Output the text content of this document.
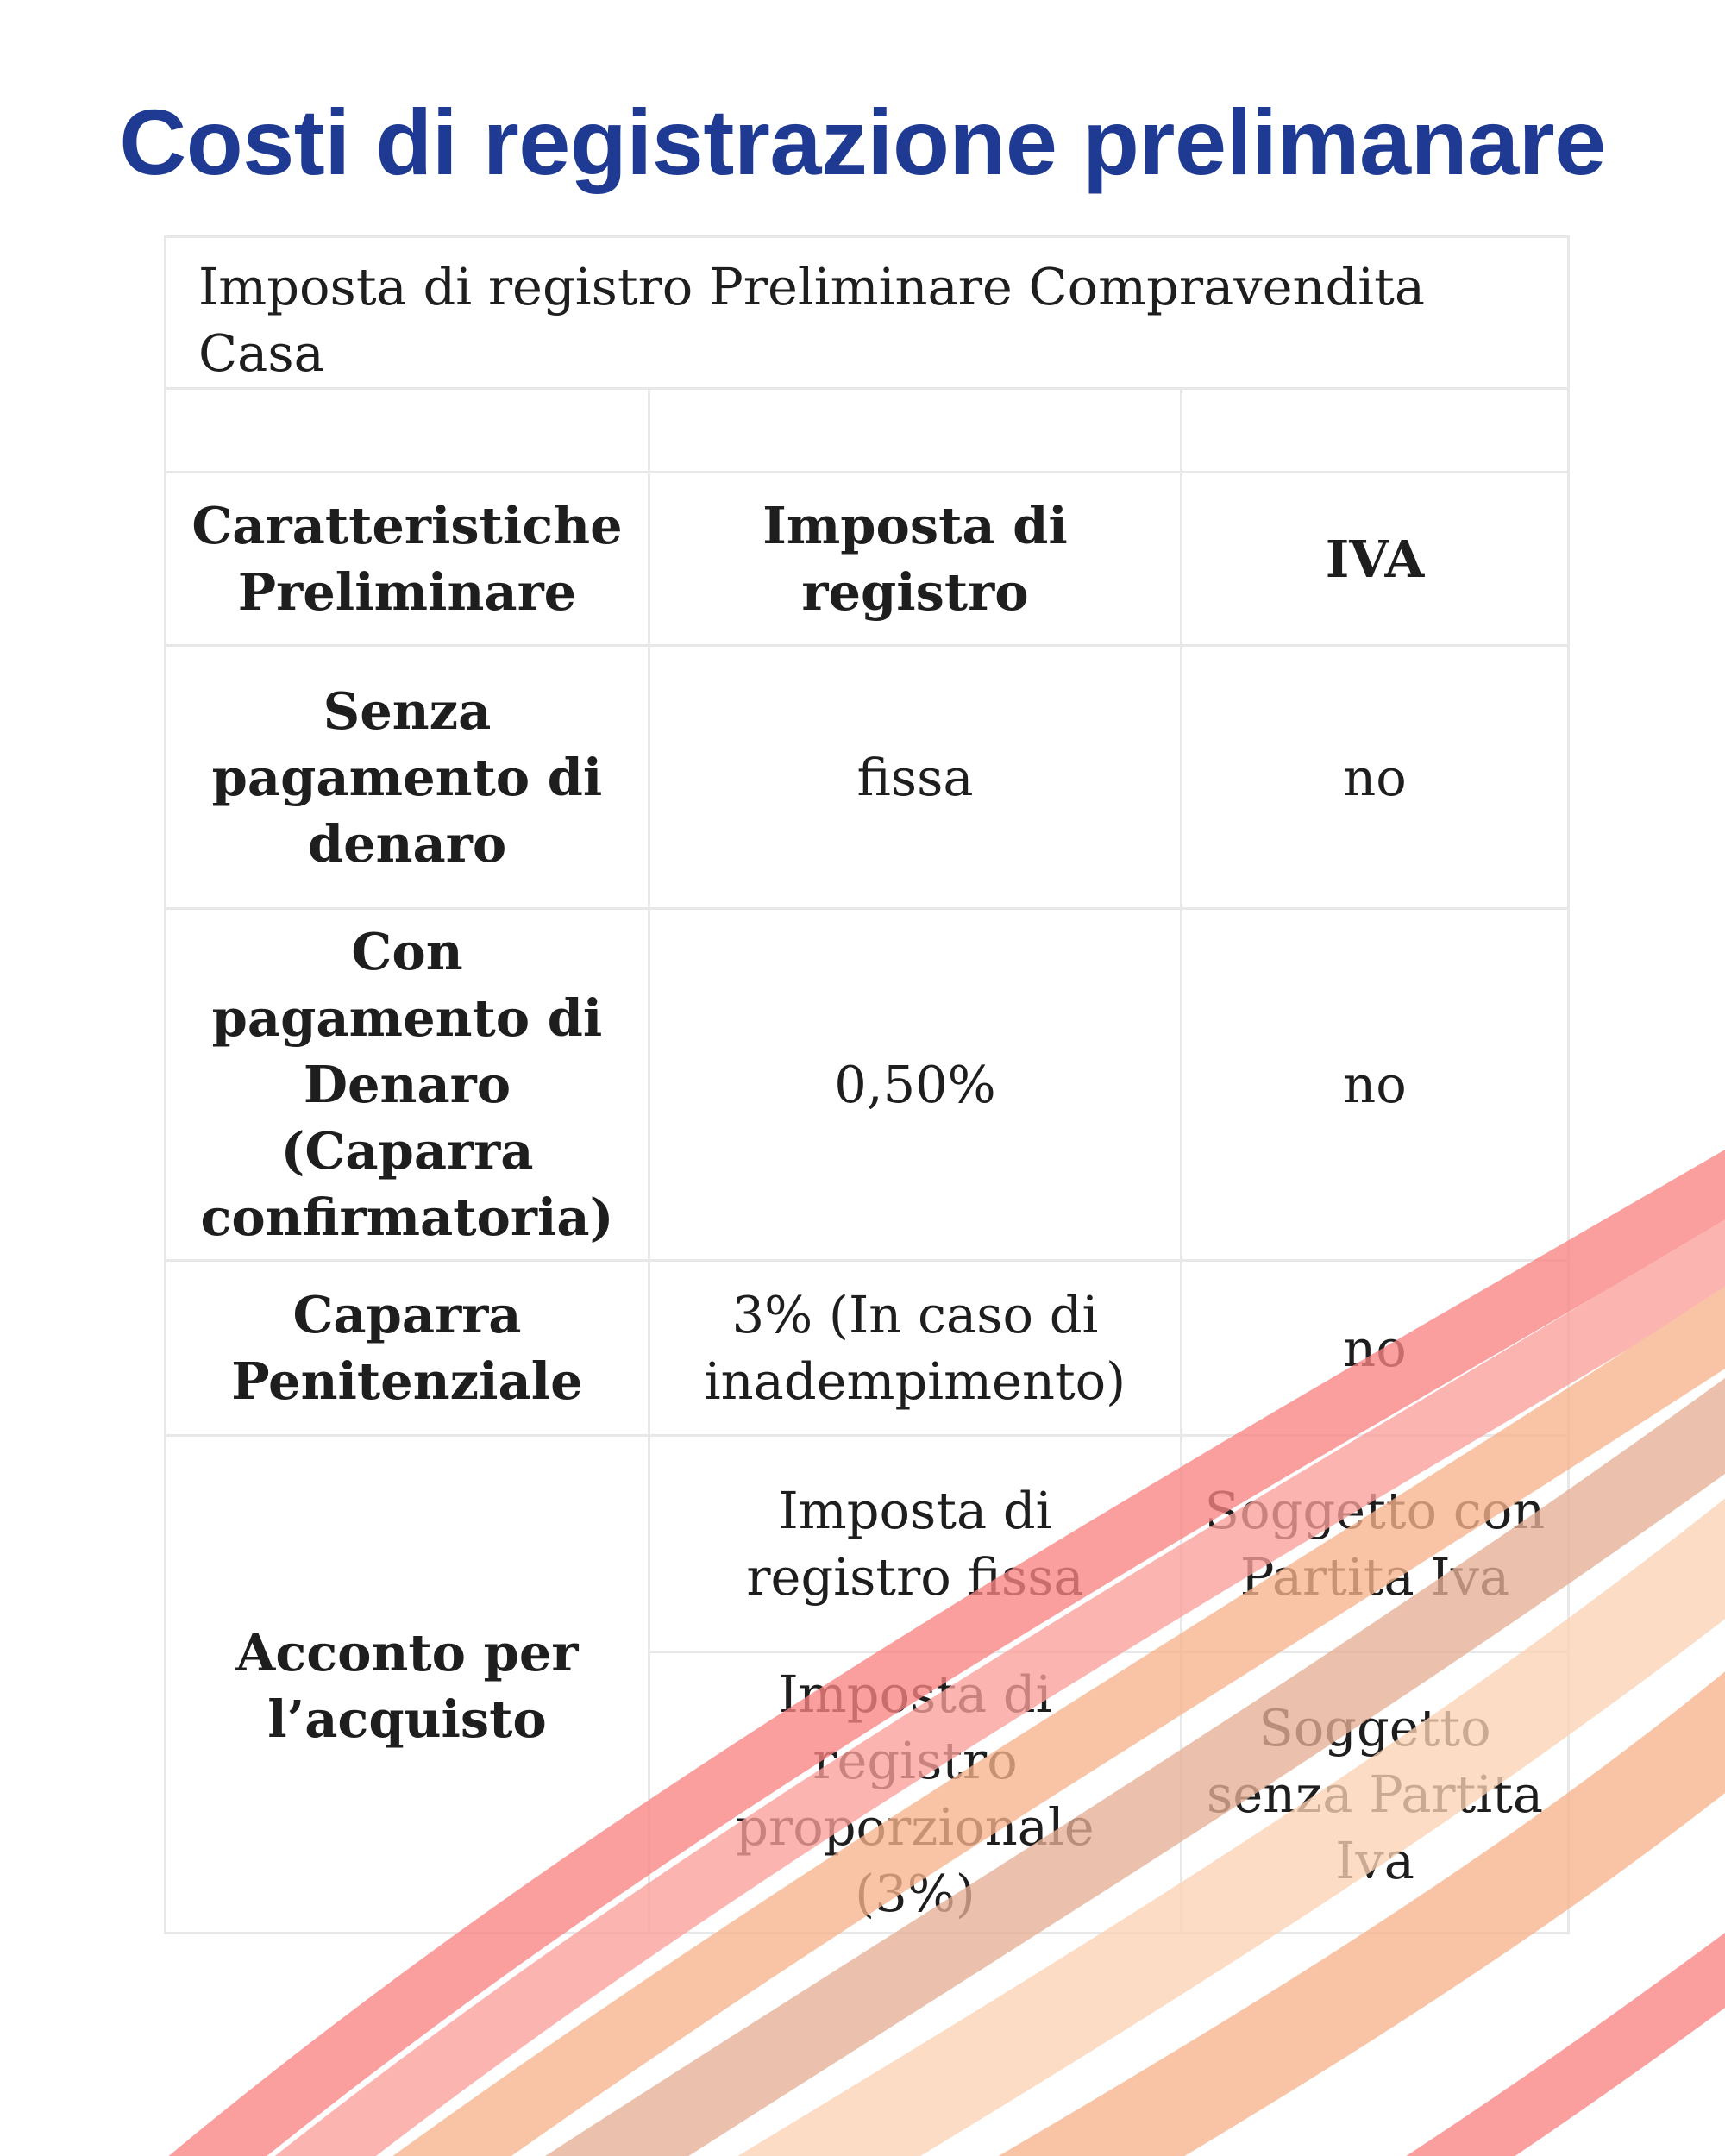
Costi di registrazione prelimanare
Imposta di registro Preliminare Compravendita Casa
Caratteristiche Preliminare
Imposta di registro
IVA
Senza pagamento di denaro
fissa	no
Con pagamento di Denaro (Caparra confirmatoria)
0,50%	no
Caparra Penitenziale
3% (In caso di inadempimento)
no
Acconto per l’acquisto
Imposta di registro fissa
Soggetto con Partita Iva
Imposta di registro proporzionale (3%)
Soggetto senza Partita Iva
